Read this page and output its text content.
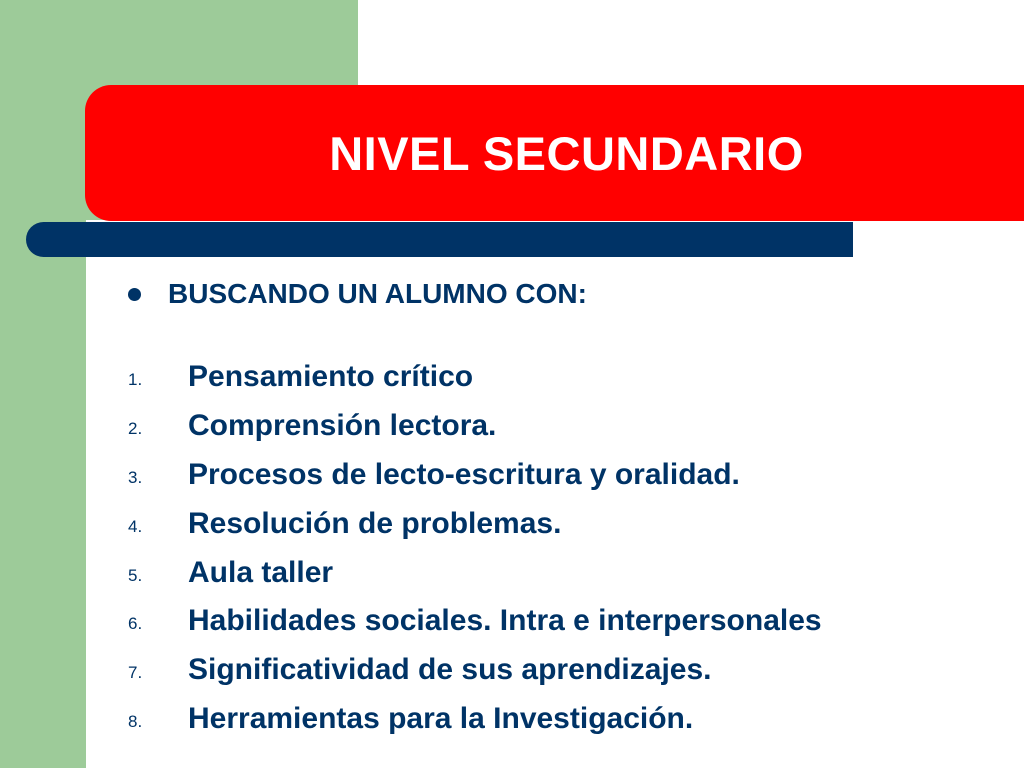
NIVEL SECUNDARIO
BUSCANDO UN ALUMNO CON:
1.	Pensamiento crítico
2.	Comprensión lectora.
3.	Procesos de lecto-escritura y oralidad.
4.	Resolución de problemas.
5.	Aula taller
6.	Habilidades sociales. Intra e interpersonales
7.	Significatividad de sus aprendizajes.
8.	Herramientas para la Investigación.
